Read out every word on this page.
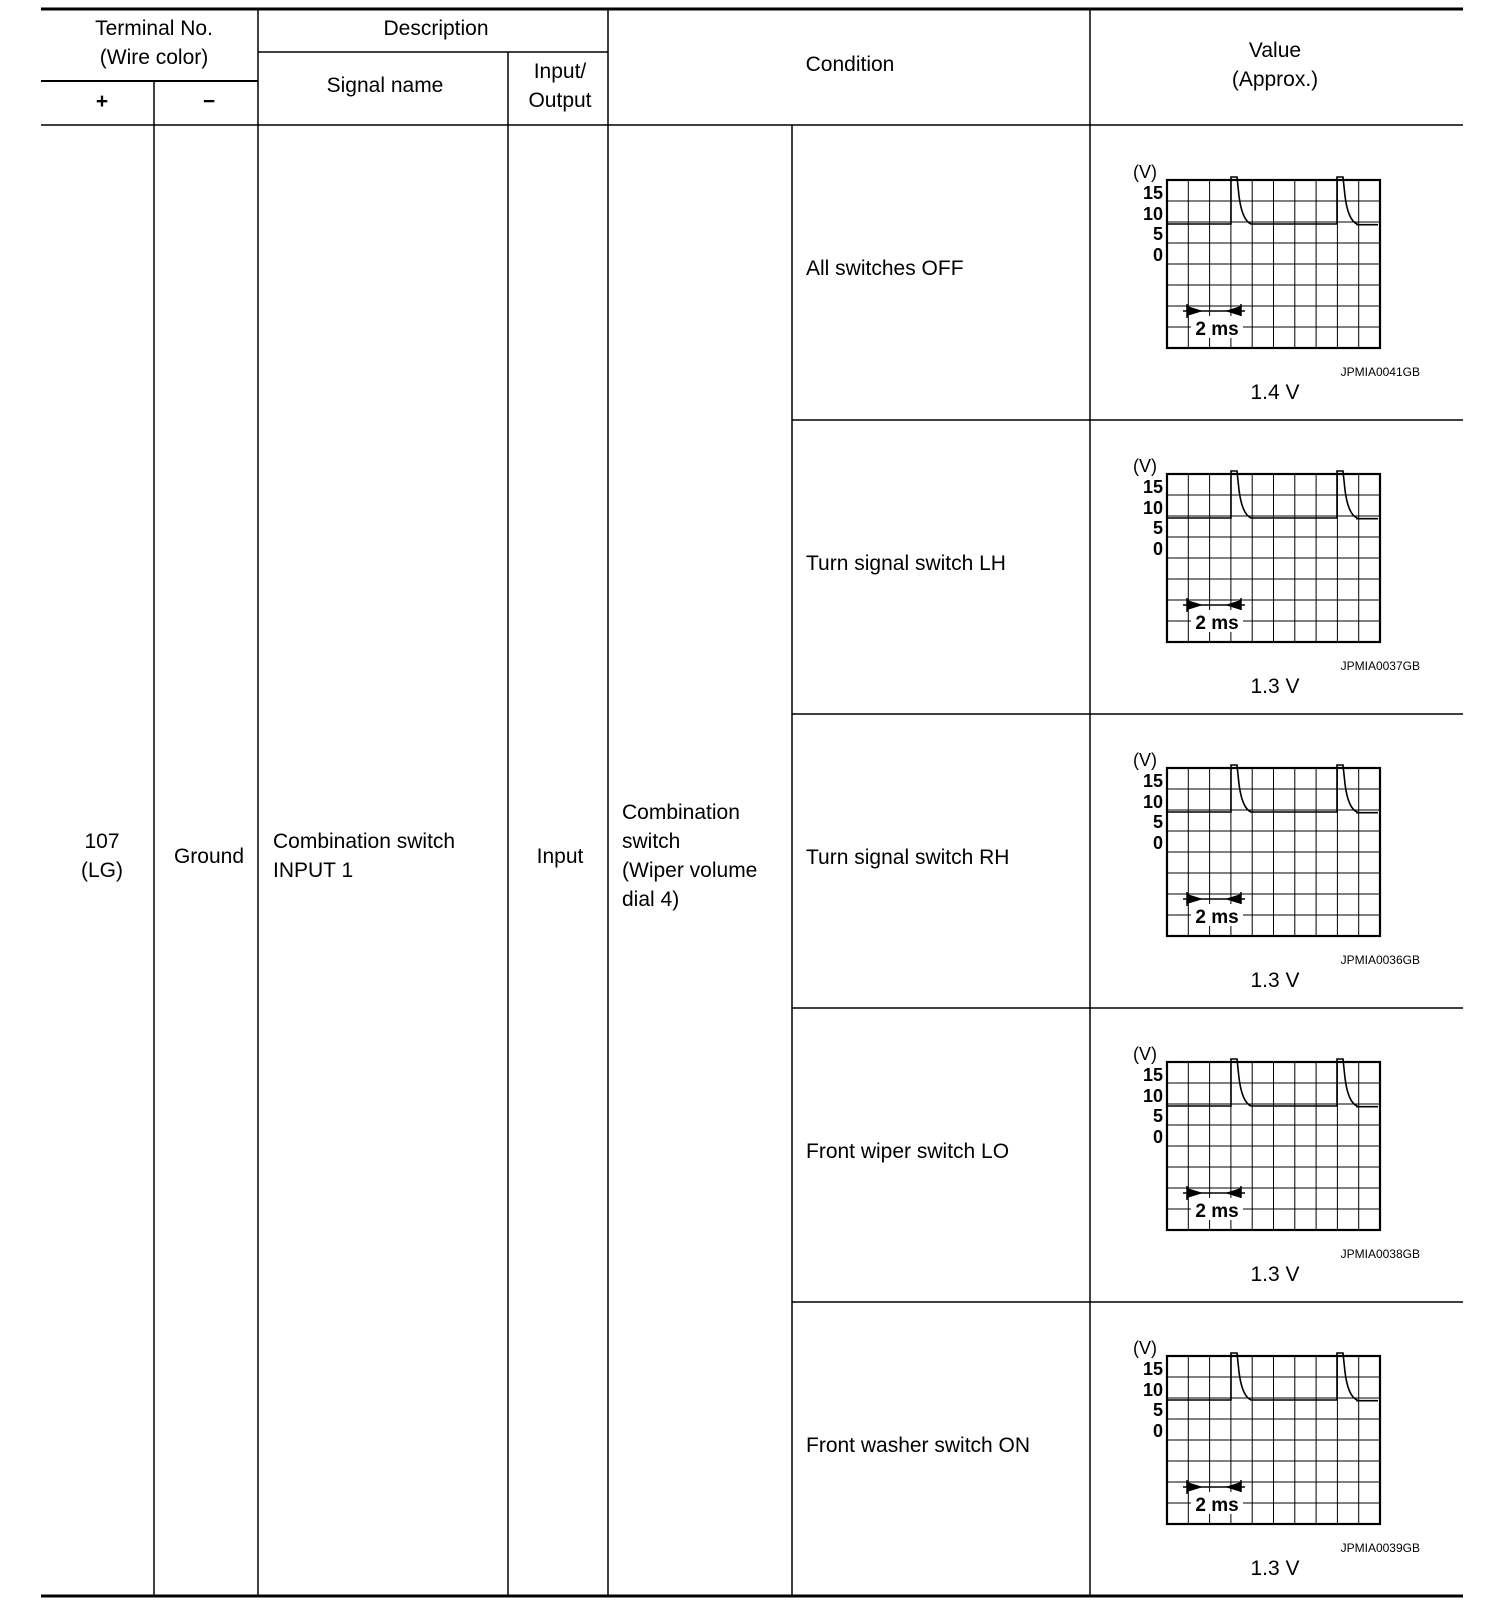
Terminal No.
(Wire color)
+	−
Description
Signal name
Input/
Output
Condition
Value
(Approx.)
107
(LG)
Ground
Combination switch
INPUT 1
Input
Combination
switch
(Wiper volume
dial 4)
All switches OFF
Turn signal switch LH
Turn signal switch RH
Front wiper switch LO
Front washer switch ON
(V)
15
10
5
0
2 ms
JPMIA0041GB
(V)
15
10
5
0
2 ms
JPMIA0037GB
(V)
15
10
5
0
2 ms
JPMIA0036GB
(V)
15
10
5
0
2 ms
JPMIA0038GB
(V)
15
10
5
0
2 ms
JPMIA0039GB
1.4 V
1.3 V
1.3 V
1.3 V
1.3 V
